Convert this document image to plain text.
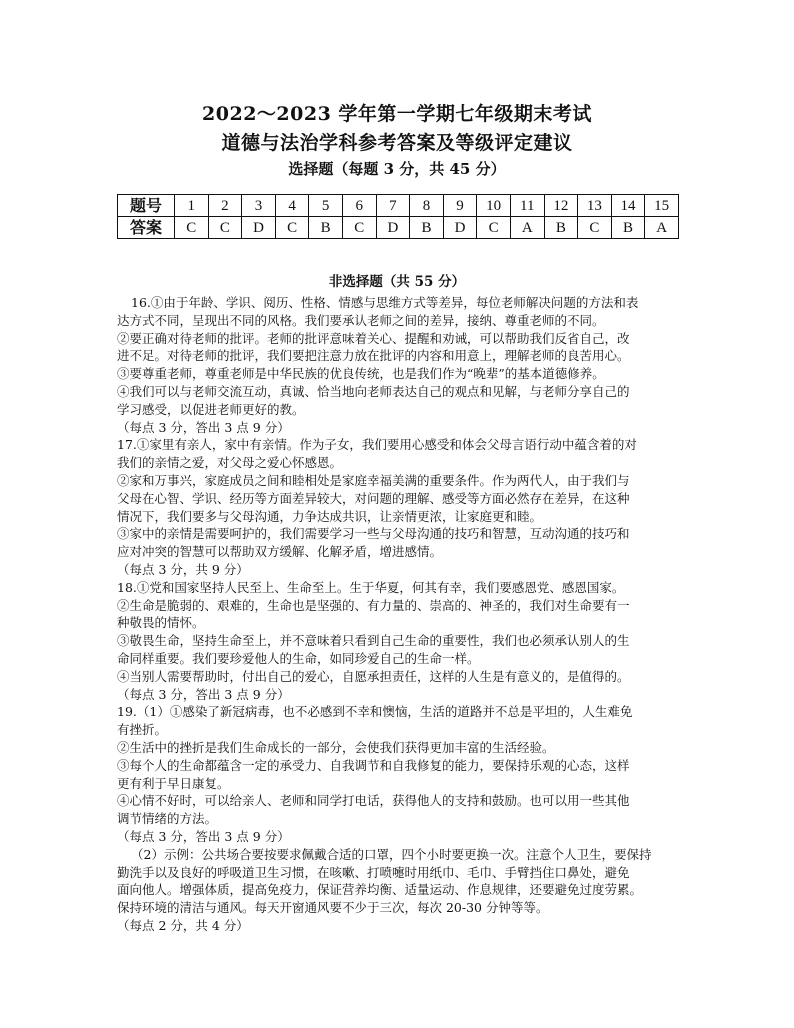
2022～2023 学年第一学期七年级期末考试
道德与法治学科参考答案及等级评定建议
选择题（每题 3 分，共 45 分）
题号	1	2	3	4	5	6	7	8	9	10	11	12	13	14	15
答案	C	C	D	C	B	C	D	B	D	C	A	B	C	B	A
非选择题（共 55 分）
16.①由于年龄、学识、阅历、性格、情感与思维方式等差异，每位老师解决问题的方法和表
达方式不同，呈现出不同的风格。我们要承认老师之间的差异，接纳、尊重老师的不同。
②要正确对待老师的批评。老师的批评意味着关心、提醒和劝诫，可以帮助我们反省自己，改
进不足。对待老师的批评，我们要把注意力放在批评的内容和用意上，理解老师的良苦用心。
③要尊重老师，尊重老师是中华民族的优良传统，也是我们作为“晚辈”的基本道德修养。
④我们可以与老师交流互动，真诚、恰当地向老师表达自己的观点和见解，与老师分享自己的
学习感受，以促进老师更好的教。
（每点 3 分，答出 3 点 9 分）
17.①家里有亲人，家中有亲情。作为子女，我们要用心感受和体会父母言语行动中蕴含着的对
我们的亲情之爱，对父母之爱心怀感恩。
②家和万事兴，家庭成员之间和睦相处是家庭幸福美满的重要条件。作为两代人，由于我们与
父母在心智、学识、经历等方面差异较大，对问题的理解、感受等方面必然存在差异，在这种
情况下，我们要多与父母沟通，力争达成共识，让亲情更浓，让家庭更和睦。
③家中的亲情是需要呵护的，我们需要学习一些与父母沟通的技巧和智慧，互动沟通的技巧和
应对冲突的智慧可以帮助双方缓解、化解矛盾，增进感情。
（每点 3 分，共 9 分）
18.①党和国家坚持人民至上、生命至上。生于华夏，何其有幸，我们要感恩党、感恩国家。
②生命是脆弱的、艰难的，生命也是坚强的、有力量的、崇高的、神圣的，我们对生命要有一
种敬畏的情怀。
③敬畏生命，坚持生命至上，并不意味着只看到自己生命的重要性，我们也必须承认别人的生
命同样重要。我们要珍爱他人的生命，如同珍爱自己的生命一样。
④当别人需要帮助时，付出自己的爱心，自愿承担责任，这样的人生是有意义的，是值得的。
（每点 3 分，答出 3 点 9 分）
19.（1）①感染了新冠病毒，也不必感到不幸和懊恼，生活的道路并不总是平坦的，人生难免
有挫折。
②生活中的挫折是我们生命成长的一部分，会使我们获得更加丰富的生活经验。
③每个人的生命都蕴含一定的承受力、自我调节和自我修复的能力，要保持乐观的心态，这样
更有利于早日康复。
④心情不好时，可以给亲人、老师和同学打电话，获得他人的支持和鼓励。也可以用一些其他
调节情绪的方法。
（每点 3 分，答出 3 点 9 分）
（2）示例：公共场合要按要求佩戴合适的口罩，四个小时要更换一次。注意个人卫生，要保持
勤洗手以及良好的呼吸道卫生习惯，在咳嗽、打喷嚏时用纸巾、毛巾、手臂挡住口鼻处，避免
面向他人。增强体质，提高免疫力，保证营养均衡、适量运动、作息规律，还要避免过度劳累。
保持环境的清洁与通风。每天开窗通风要不少于三次，每次 20-30 分钟等等。
（每点 2 分，共 4 分）
